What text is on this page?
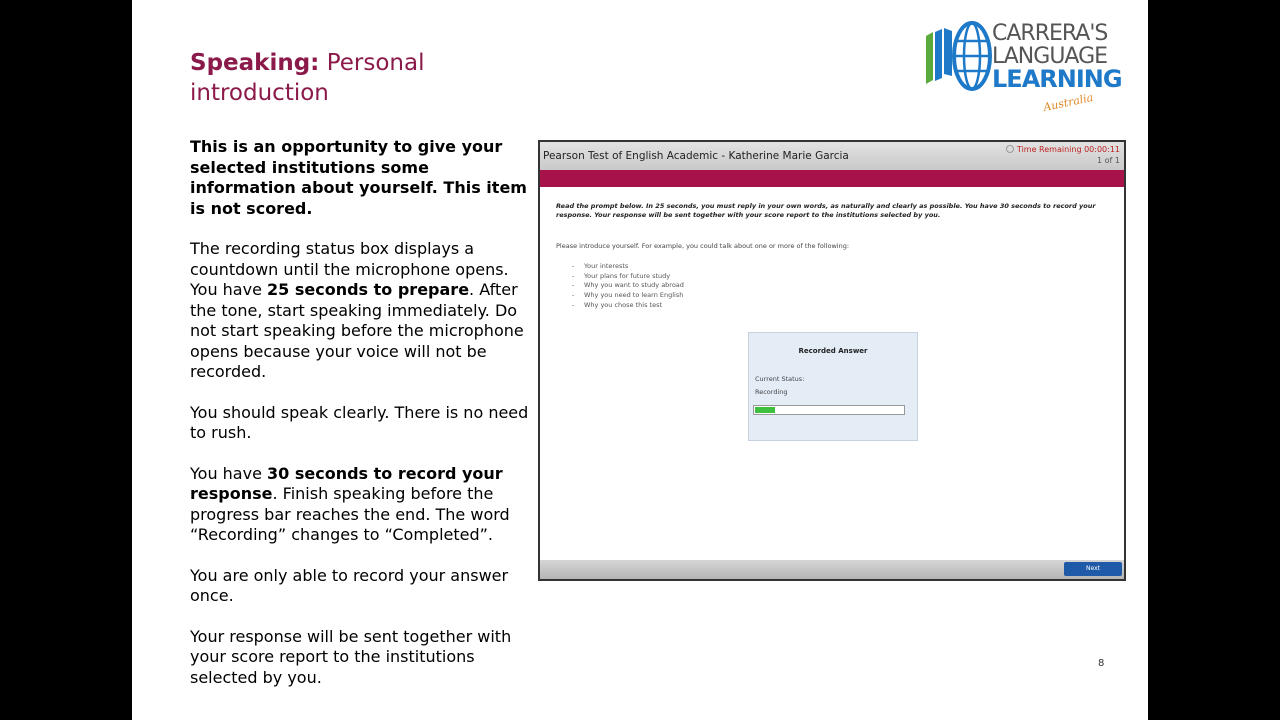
Speaking: Personal
introduction

This is an opportunity to give your selected institutions some information about yourself. This item is not scored.

The recording status box displays a countdown until the microphone opens. You have 25 seconds to prepare. After the tone, start speaking immediately. Do not start speaking before the microphone opens because your voice will not be recorded.

You should speak clearly. There is no need to rush.

You have 30 seconds to record your response. Finish speaking before the progress bar reaches the end. The word “Recording” changes to “Completed”.

You are only able to record your answer once.

Your response will be sent together with your score report to the institutions selected by you.

8
CARRERA'S
LANGUAGE
LEARNING
Australia
Pearson Test of English Academic - Katherine Marie Garcia
Time Remaining 00:00:11
1 of 1
Read the prompt below. In 25 seconds, you must reply in your own words, as naturally and clearly as possible. You have 30 seconds to record your response. Your response will be sent together with your score report to the institutions selected by you.
Please introduce yourself. For example, you could talk about one or more of the following:
- Your interests
- Your plans for future study
- Why you want to study abroad
- Why you need to learn English
- Why you chose this test
Recorded Answer
Current Status:
Recording
Next
